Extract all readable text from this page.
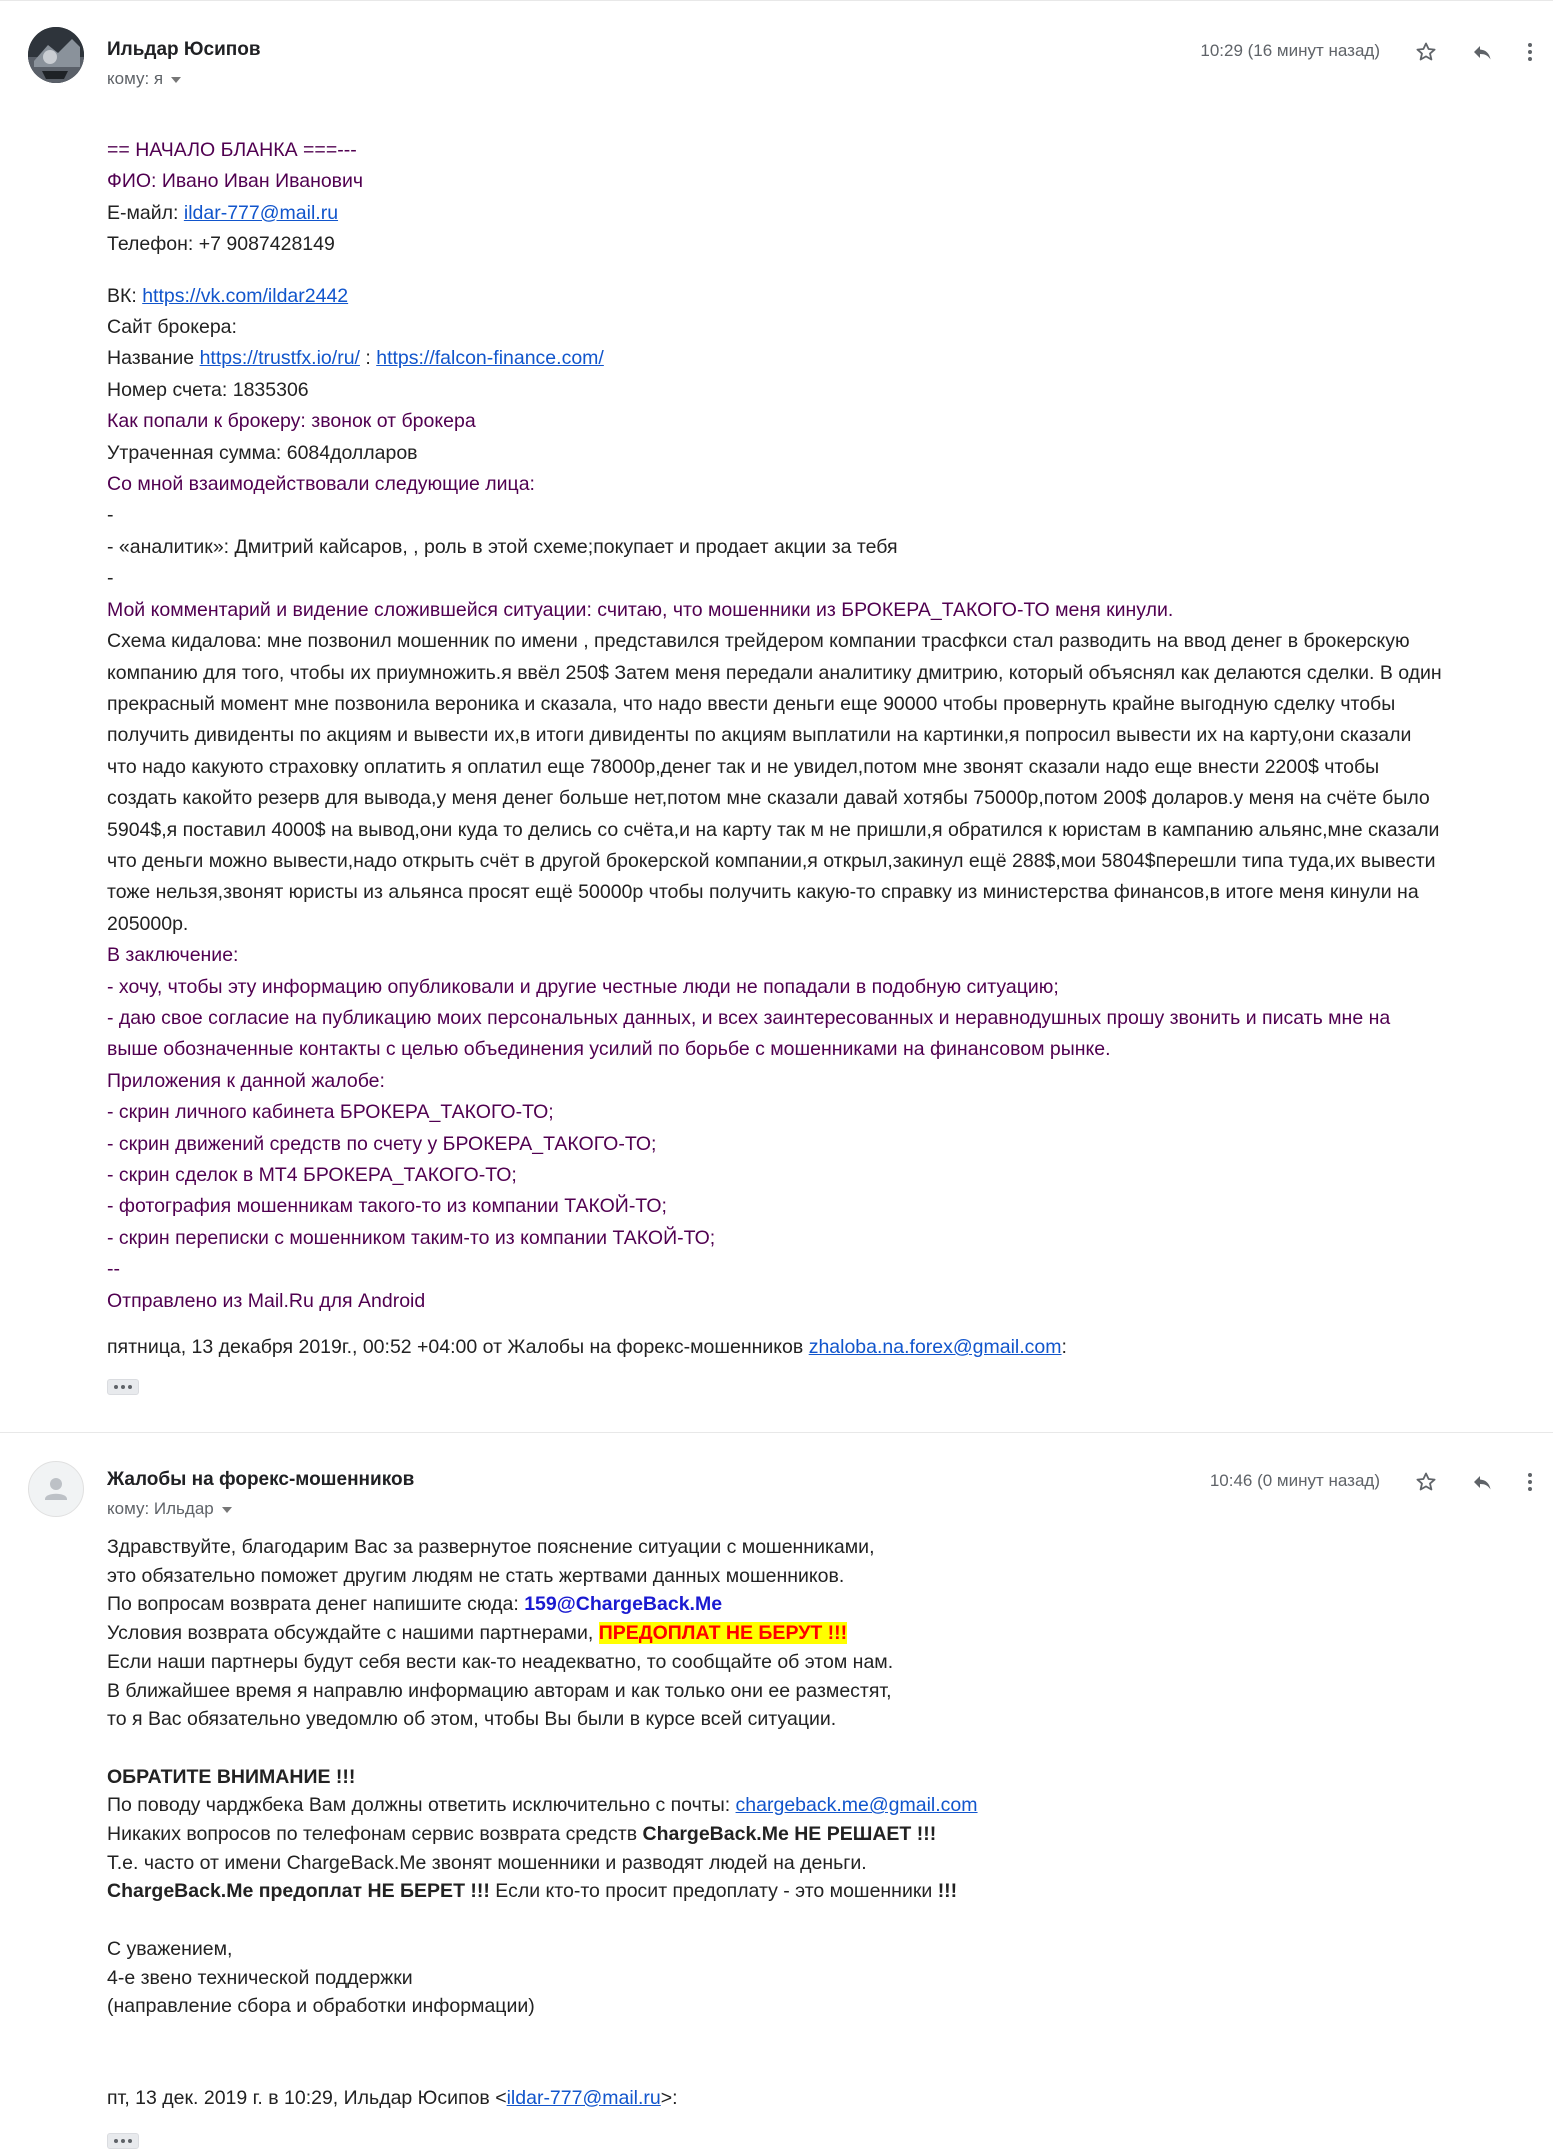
Ильдар Юсипов
кому: я
10:29 (16 минут назад)
== НАЧАЛО БЛАНКА ===---
ФИО: Ивано Иван Иванович
Е-майл: ildar-777@mail.ru
Телефон: +7 9087428149
ВК: https://vk.com/ildar2442
Сайт брокера:
Название https://trustfx.io/ru/ : https://falcon-finance.com/
Номер счета: 1835306
Как попали к брокеру: звонок от брокера
Утраченная сумма: 6084долларов
Со мной взаимодействовали следующие лица:
-
- «аналитик»: Дмитрий кайсаров, , роль в этой схеме;покупает и продает акции за тебя
-
Мой комментарий и видение сложившейся ситуации: считаю, что мошенники из БРОКЕРА_ТАКОГО-ТО меня кинули.
Схема кидалова: мне позвонил мошенник по имени , представился трейдером компании трасфкси стал разводить на ввод денег в брокерскую
компанию для того, чтобы их приумножить.я ввёл 250$ Затем меня передали аналитику дмитрию, который объяснял как делаются сделки. В один
прекрасный момент мне позвонила вероника и сказала, что надо ввести деньги еще 90000 чтобы провернуть крайне выгодную сделку чтобы
получить дивиденты по акциям и вывести их,в итоги дивиденты по акциям выплатили на картинки,я попросил вывести их на карту,они сказали
что надо какуюто страховку оплатить я оплатил еще 78000р,денег так и не увидел,потом мне звонят сказали надо еще внести 2200$ чтобы
создать какойто резерв для вывода,у меня денег больше нет,потом мне сказали давай хотябы 75000р,потом 200$ доларов.у меня на счёте было
5904$,я поставил 4000$ на вывод,они куда то делись со счёта,и на карту так м не пришли,я обратился к юристам в кампанию альянс,мне сказали
что деньги можно вывести,надо открыть счёт в другой брокерской компании,я открыл,закинул ещё 288$,мои 5804$перешли типа туда,их вывести
тоже нельзя,звонят юристы из альянса просят ещё 50000р чтобы получить какую-то справку из министерства финансов,в итоге меня кинули на
205000р.
В заключение:
- хочу, чтобы эту информацию опубликовали и другие честные люди не попадали в подобную ситуацию;
- даю свое согласие на публикацию моих персональных данных, и всех заинтересованных и неравнодушных прошу звонить и писать мне на
выше обозначенные контакты с целью объединения усилий по борьбе с мошенниками на финансовом рынке.
Приложения к данной жалобе:
- скрин личного кабинета БРОКЕРА_ТАКОГО-ТО;
- скрин движений средств по счету у БРОКЕРА_ТАКОГО-ТО;
- скрин сделок в МТ4 БРОКЕРА_ТАКОГО-ТО;
- фотография мошенникам такого-то из компании ТАКОЙ-ТО;
- скрин переписки с мошенником таким-то из компании ТАКОЙ-ТО;
--
Отправлено из Mail.Ru для Android
пятница, 13 декабря 2019г., 00:52 +04:00 от Жалобы на форекс-мошенников zhaloba.na.forex@gmail.com:
Жалобы на форекс-мошенников
кому: Ильдар
10:46 (0 минут назад)
Здравствуйте, благодарим Вас за развернутое пояснение ситуации с мошенниками,
это обязательно поможет другим людям не стать жертвами данных мошенников.
По вопросам возврата денег напишите сюда: 159@ChargeBack.Me
Условия возврата обсуждайте с нашими партнерами, ПРЕДОПЛАТ НЕ БЕРУТ !!!
Если наши партнеры будут себя вести как-то неадекватно, то сообщайте об этом нам.
В ближайшее время я направлю информацию авторам и как только они ее разместят,
то я Вас обязательно уведомлю об этом, чтобы Вы были в курсе всей ситуации.
ОБРАТИТЕ ВНИМАНИЕ !!!
По поводу чарджбека Вам должны ответить исключительно с почты: chargeback.me@gmail.com
Никаких вопросов по телефонам сервис возврата средств ChargeBack.Me НЕ РЕШАЕТ !!!
Т.е. часто от имени ChargeBack.Me звонят мошенники и разводят людей на деньги.
ChargeBack.Me предоплат НЕ БЕРЕТ !!! Если кто-то просит предоплату - это мошенники !!!
С уважением,
4-е звено технической поддержки
(направление сбора и обработки информации)
пт, 13 дек. 2019 г. в 10:29, Ильдар Юсипов <ildar-777@mail.ru>:
